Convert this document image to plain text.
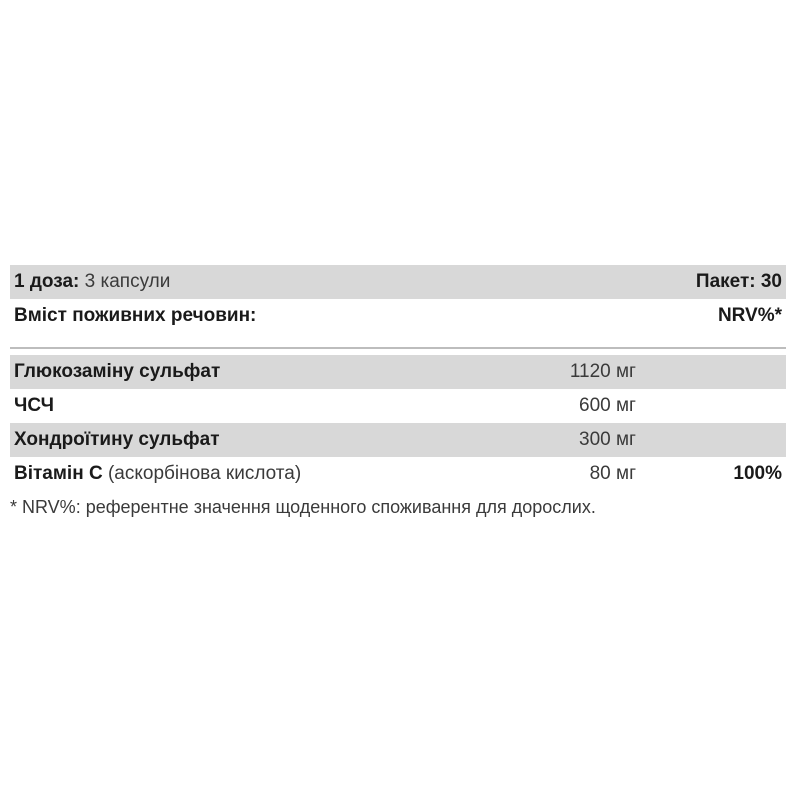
1 доза: 3 капсули	Пакет: 30
Вміст поживних речовин:	NRV%*
Глюкозаміну сульфат	1120 мг
ЧСЧ	600 мг
Хондроїтину сульфат	300 мг
Вітамін С (аскорбінова кислота)	80 мг	100%
* NRV%: референтне значення щоденного споживання для дорослих.
